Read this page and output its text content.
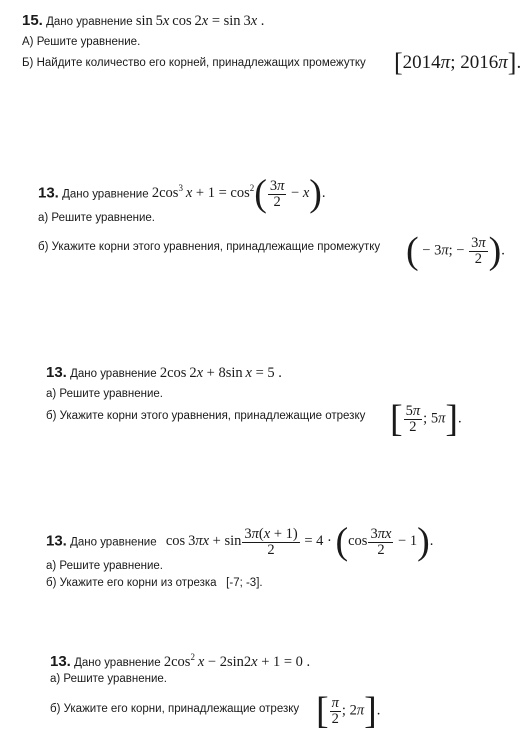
15. Дано уравнение sin 5x cos 2x = sin 3x .
А) Решите уравнение.
Б) Найдите количество его корней, принадлежащих промежутку [2014π; 2016π].
13. Дано уравнение $2\cos^3$  $x + 1 = \cos^2( \frac{3\pi}{2} - x)$.
а) Решите уравнение.
б) Укажите корни этого уравнения, принадлежащие промежутку ( − 3π; − $\frac{3\pi}{2}$ ).
13. Дано уравнение 2cos 2x + 8sin x = 5 .
а) Решите уравнение.
б) Укажите корни этого уравнения, принадлежащие отрезку [ $\frac{5\pi}{2}$ ; 5π].
13. Дано уравнение $\cos 3\pi x + \sin \frac{3\pi(x + 1)}{2} = 4 \cdot (\cos \frac{3\pi x}{2} - 1)$.
а) Решите уравнение.
б) Укажите его корни из отрезка [-7; -3].
13. Дано уравнение $2\cos^2$  x − 2sin2x + 1 = 0 .
а) Решите уравнение.
б) Укажите его корни, принадлежащие отрезку [ $\frac{\pi}{2}$ ; 2π].
